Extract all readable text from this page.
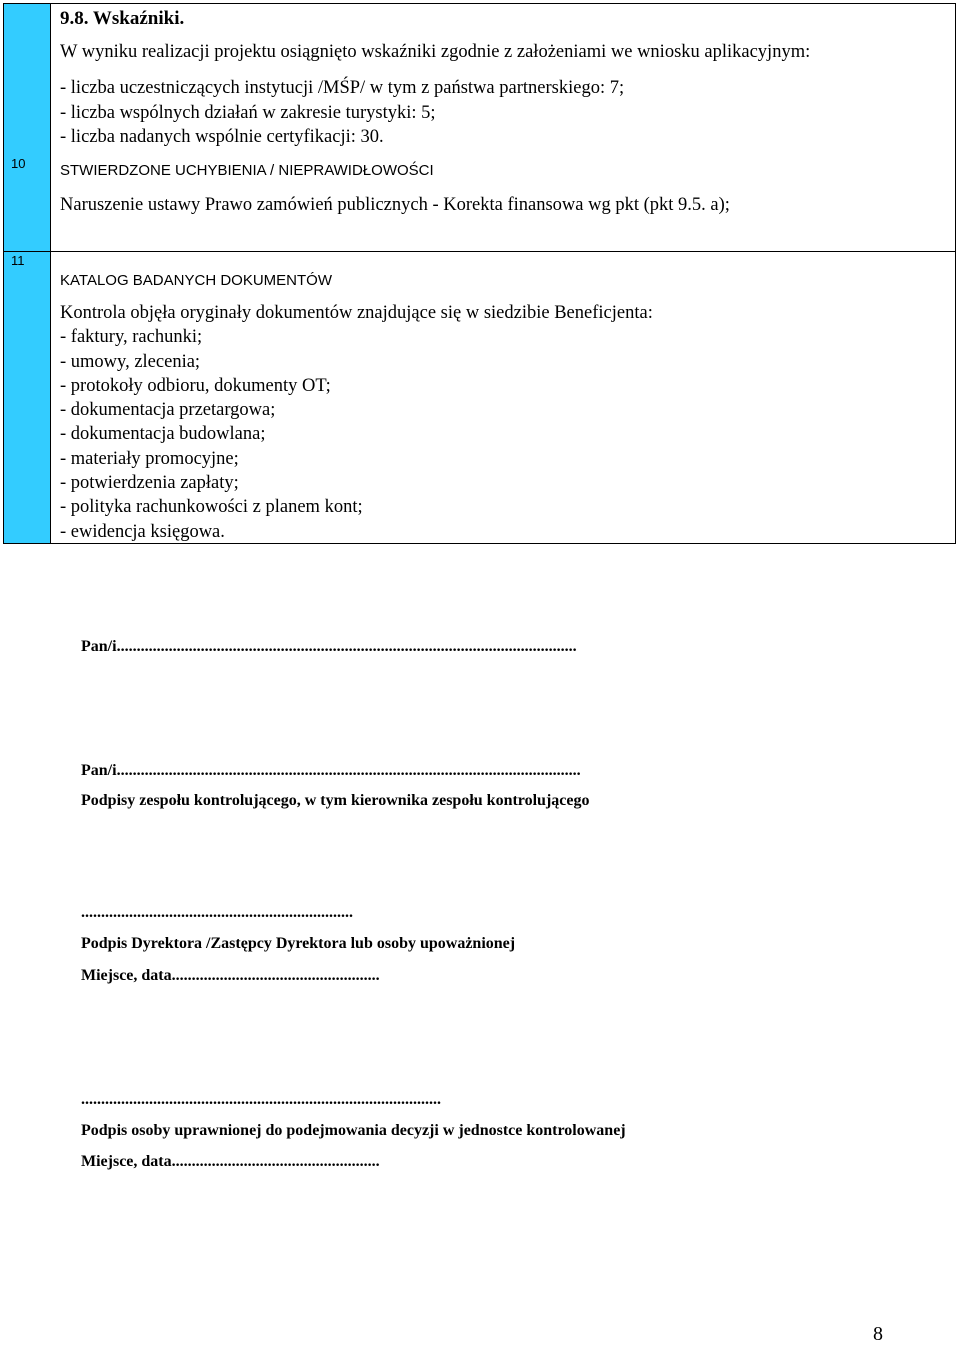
10
11
9.8. Wskaźniki.
W wyniku realizacji projektu osiągnięto wskaźniki zgodnie z założeniami we wniosku aplikacyjnym:
- liczba uczestniczących instytucji /MŚP/ w tym z państwa partnerskiego: 7;
- liczba wspólnych działań w zakresie turystyki: 5;
- liczba nadanych wspólnie certyfikacji: 30.
STWIERDZONE UCHYBIENIA / NIEPRAWIDŁOWOŚCI
Naruszenie ustawy Prawo zamówień publicznych - Korekta finansowa wg pkt (pkt 9.5. a);
KATALOG BADANYCH DOKUMENTÓW
Kontrola objęła oryginały dokumentów znajdujące się w siedzibie Beneficjenta:
- faktury, rachunki;
- umowy, zlecenia;
- protokoły odbioru, dokumenty OT;
- dokumentacja przetargowa;
- dokumentacja budowlana;
- materiały promocyjne;
- potwierdzenia zapłaty;
- polityka rachunkowości z planem kont;
- ewidencja księgowa.
Pan/i...................................................................................................................
Pan/i....................................................................................................................
Podpisy zespołu kontrolującego, w tym kierownika zespołu kontrolującego
....................................................................
Podpis Dyrektora /Zastępcy Dyrektora lub osoby upoważnionej
Miejsce, data....................................................
..........................................................................................
Podpis osoby uprawnionej do podejmowania decyzji w jednostce kontrolowanej
Miejsce, data....................................................
8
